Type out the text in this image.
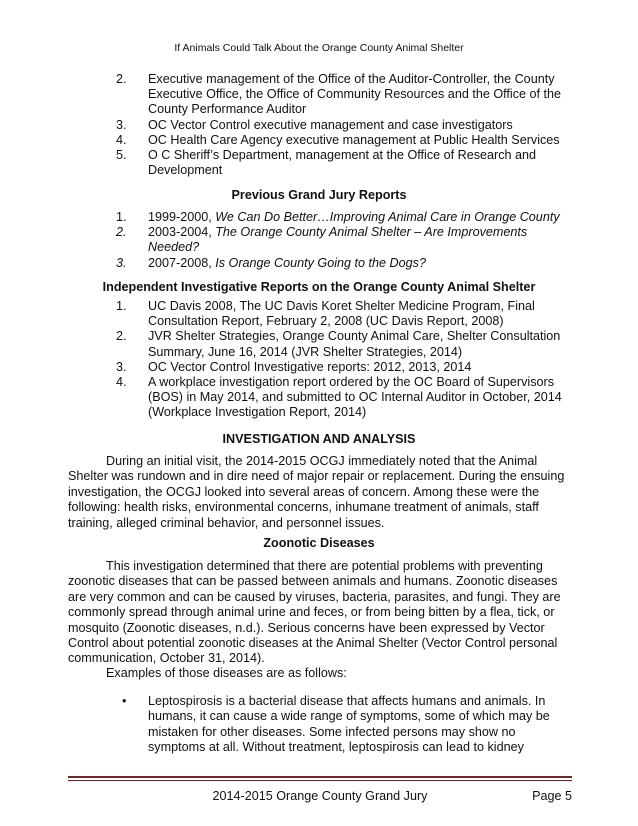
If Animals Could Talk About the Orange County Animal Shelter
2.	Executive management of the Office of the Auditor-Controller, the County Executive Office, the Office of Community Resources and the Office of the County Performance Auditor
3.	OC Vector Control executive management and case investigators
4.	OC Health Care Agency executive management at Public Health Services
5.	O C Sheriff’s Department, management at the Office of Research and Development
Previous Grand Jury Reports
1.	1999-2000, We Can Do Better…Improving Animal Care in Orange County
2.	2003-2004, The Orange County Animal Shelter – Are Improvements Needed?
3.	2007-2008, Is Orange County Going to the Dogs?
Independent Investigative Reports on the Orange County Animal Shelter
1.	UC Davis 2008, The UC Davis Koret Shelter Medicine Program, Final Consultation Report, February 2, 2008 (UC Davis Report, 2008)
2.	JVR Shelter Strategies, Orange County Animal Care, Shelter Consultation Summary, June 16, 2014 (JVR Shelter Strategies, 2014)
3.	OC Vector Control Investigative reports: 2012, 2013, 2014
4.	A workplace investigation report ordered by the OC Board of Supervisors (BOS) in May 2014, and submitted to OC Internal Auditor in October, 2014 (Workplace Investigation Report, 2014)
INVESTIGATION AND ANALYSIS
During an initial visit, the 2014-2015 OCGJ immediately noted that the Animal Shelter was rundown and in dire need of major repair or replacement. During the ensuing investigation, the OCGJ looked into several areas of concern. Among these were the following: health risks, environmental concerns, inhumane treatment of animals, staff training, alleged criminal behavior, and personnel issues.
Zoonotic Diseases
This investigation determined that there are potential problems with preventing zoonotic diseases that can be passed between animals and humans. Zoonotic diseases are very common and can be caused by viruses, bacteria, parasites, and fungi. They are commonly spread through animal urine and feces, or from being bitten by a flea, tick, or mosquito (Zoonotic diseases, n.d.). Serious concerns have been expressed by Vector Control about potential zoonotic diseases at the Animal Shelter (Vector Control personal communication, October 31, 2014).
Examples of those diseases are as follows:
•	Leptospirosis is a bacterial disease that affects humans and animals. In humans, it can cause a wide range of symptoms, some of which may be mistaken for other diseases. Some infected persons may show no symptoms at all. Without treatment, leptospirosis can lead to kidney
2014-2015 Orange County Grand Jury	Page 5
